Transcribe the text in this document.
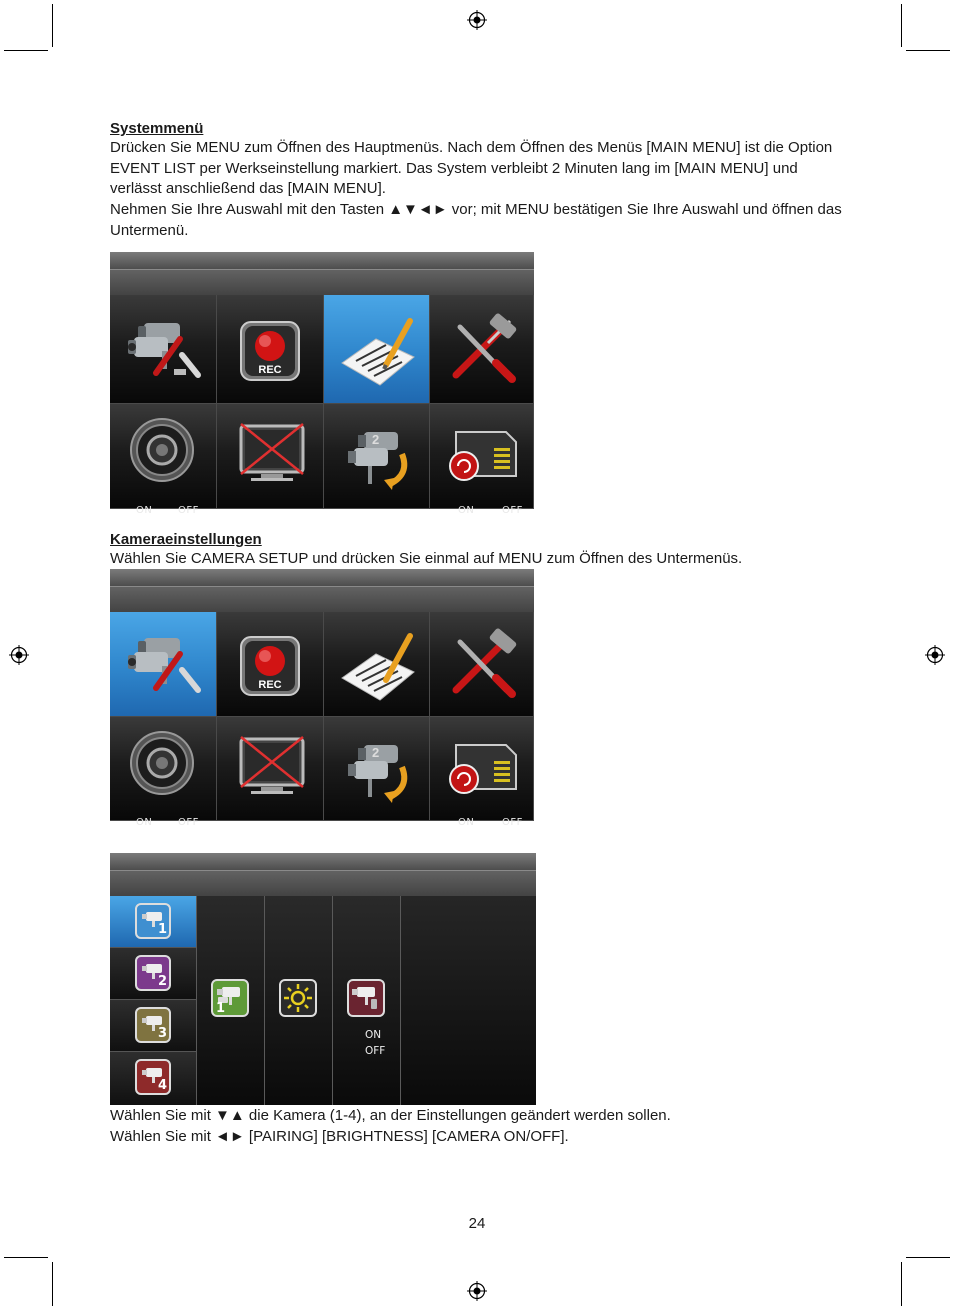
Systemmenü

Drücken Sie MENU zum Öffnen des Hauptmenüs. Nach dem Öffnen des Menüs [MAIN MENU] ist die Option EVENT LIST per Werkseinstellung markiert. Das System verbleibt 2 Minuten lang im [MAIN MENU] und verlässt anschließend das [MAIN MENU].

Nehmen Sie Ihre Auswahl mit den Tasten ▲▼◄► vor; mit MENU bestätigen Sie Ihre Auswahl und öffnen das Untermenü.

REC
ON	OFF
2
ON	OFF

Kameraeinstellungen

Wählen Sie CAMERA SETUP und drücken Sie einmal auf MENU zum Öffnen des Untermenüs.

REC
ON	OFF
2
ON	OFF
1
2
3
4
1
ON
OFF

Wählen Sie mit ▼▲ die Kamera (1-4), an der Einstellungen geändert werden sollen.

Wählen Sie mit ◄► [PAIRING] [BRIGHTNESS] [CAMERA ON/OFF].

24
